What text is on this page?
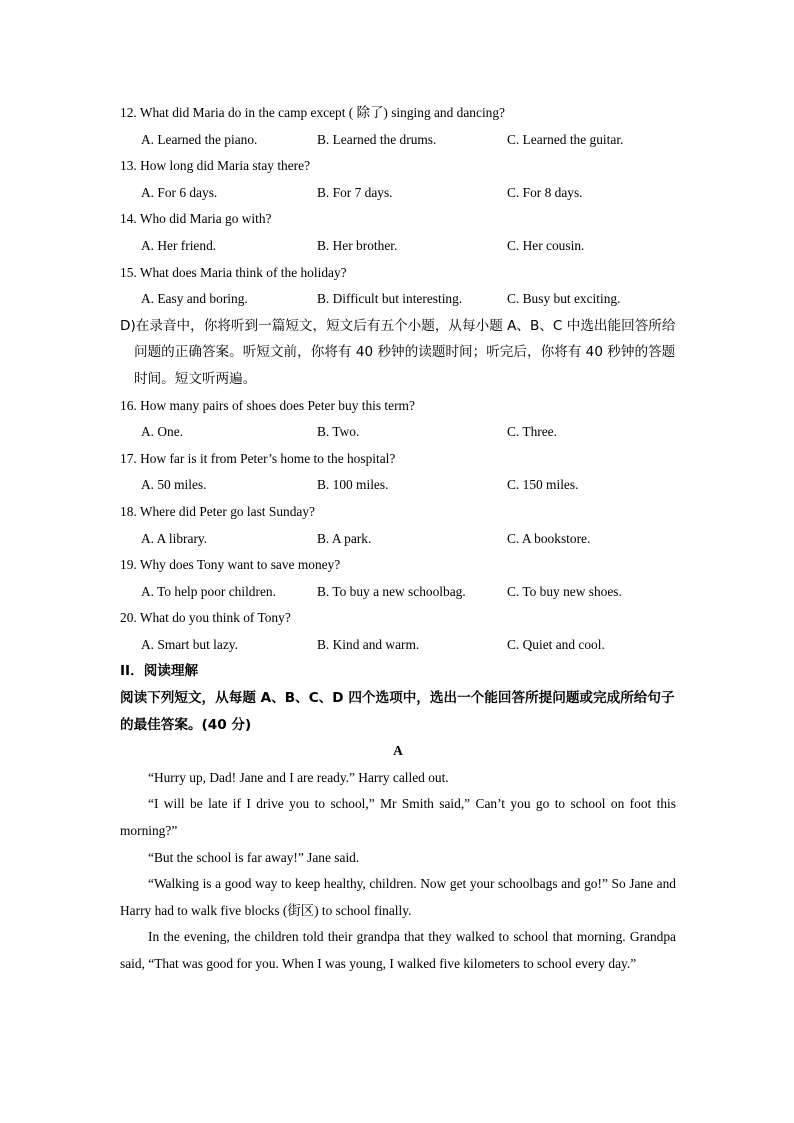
12. What did Maria do in the camp except ( 除了) singing and dancing?
A. Learned the piano.	B. Learned the drums.	C. Learned the guitar.
13. How long did Maria stay there?
A. For 6 days.	B. For 7 days.	C. For 8 days.
14. Who did Maria go with?
A. Her friend.	B. Her brother.	C. Her cousin.
15. What does Maria think of the holiday?
A. Easy and boring.	B. Difficult but interesting.	C. Busy but exciting.
D)在录音中，你将听到一篇短文，短文后有五个小题，从每小题 A、B、C 中选出能回答所给问题的正确答案。听短文前，你将有 40 秒钟的读题时间；听完后，你将有 40 秒钟的答题时间。短文听两遍。
16. How many pairs of shoes does Peter buy this term?
A. One.	B. Two.	C. Three.
17. How far is it from Peter’s home to the hospital?
A. 50 miles.	B. 100 miles.	C. 150 miles.
18. Where did Peter go last Sunday?
A. A library.	B. A park.	C. A bookstore.
19. Why does Tony want to save money?
A. To help poor children.	B. To buy a new schoolbag.	C. To buy new shoes.
20. What do you think of Tony?
A. Smart but lazy.	B. Kind and warm.	C. Quiet and cool.
II．阅读理解
阅读下列短文，从每题 A、B、C、D 四个选项中，选出一个能回答所提问题或完成所给句子的最佳答案。(40 分)
A
“Hurry up, Dad! Jane and I are ready.” Harry called out.
“I will be late if I drive you to school,” Mr Smith said,” Can’t you go to school on foot this morning?”
“But the school is far away!” Jane said.
“Walking is a good way to keep healthy, children. Now get your schoolbags and go!” So Jane and Harry had to walk five blocks (街区) to school finally.
In the evening, the children told their grandpa that they walked to school that morning. Grandpa said, “That was good for you. When I was young, I walked five kilometers to school every day.”
